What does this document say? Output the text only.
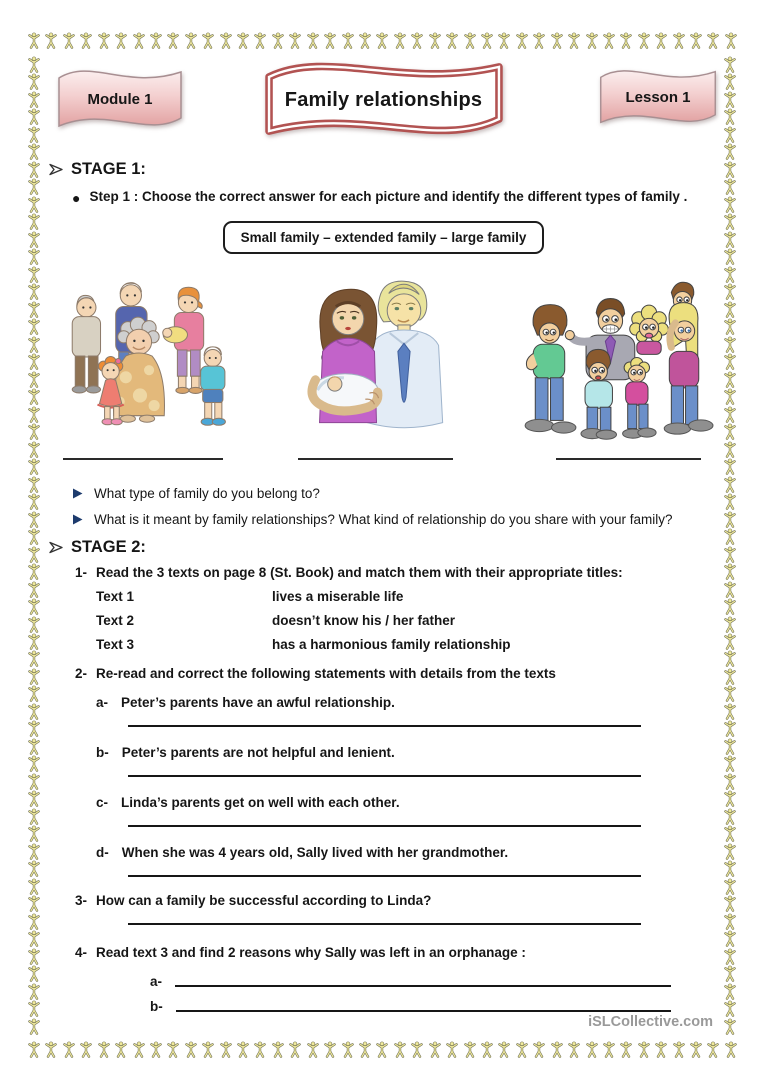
Module 1	Family relationships	Lesson 1
STAGE 1:
● Step 1 : Choose the correct answer for each picture and identify the different types of family .
Small family – extended family – large family
What type of family do you belong to?
What is it meant by family relationships? What kind of relationship do you share with your family?
STAGE 2:
1- Read the 3 texts on page 8 (St. Book) and match them with their appropriate titles:
Text 1	lives a miserable life
Text 2	doesn’t know his / her father
Text 3	has a harmonious family relationship
2- Re-read and correct the following statements with details from the texts
a- Peter’s parents have an awful relationship.
b- Peter’s parents are not helpful and lenient.
c- Linda’s parents get on well with each other.
d- When she was 4 years old, Sally lived with her grandmother.
3- How can a family be successful according to Linda?
4- Read text 3 and find 2 reasons why Sally was left in an orphanage :
a-
b-
iSLCollective.com
